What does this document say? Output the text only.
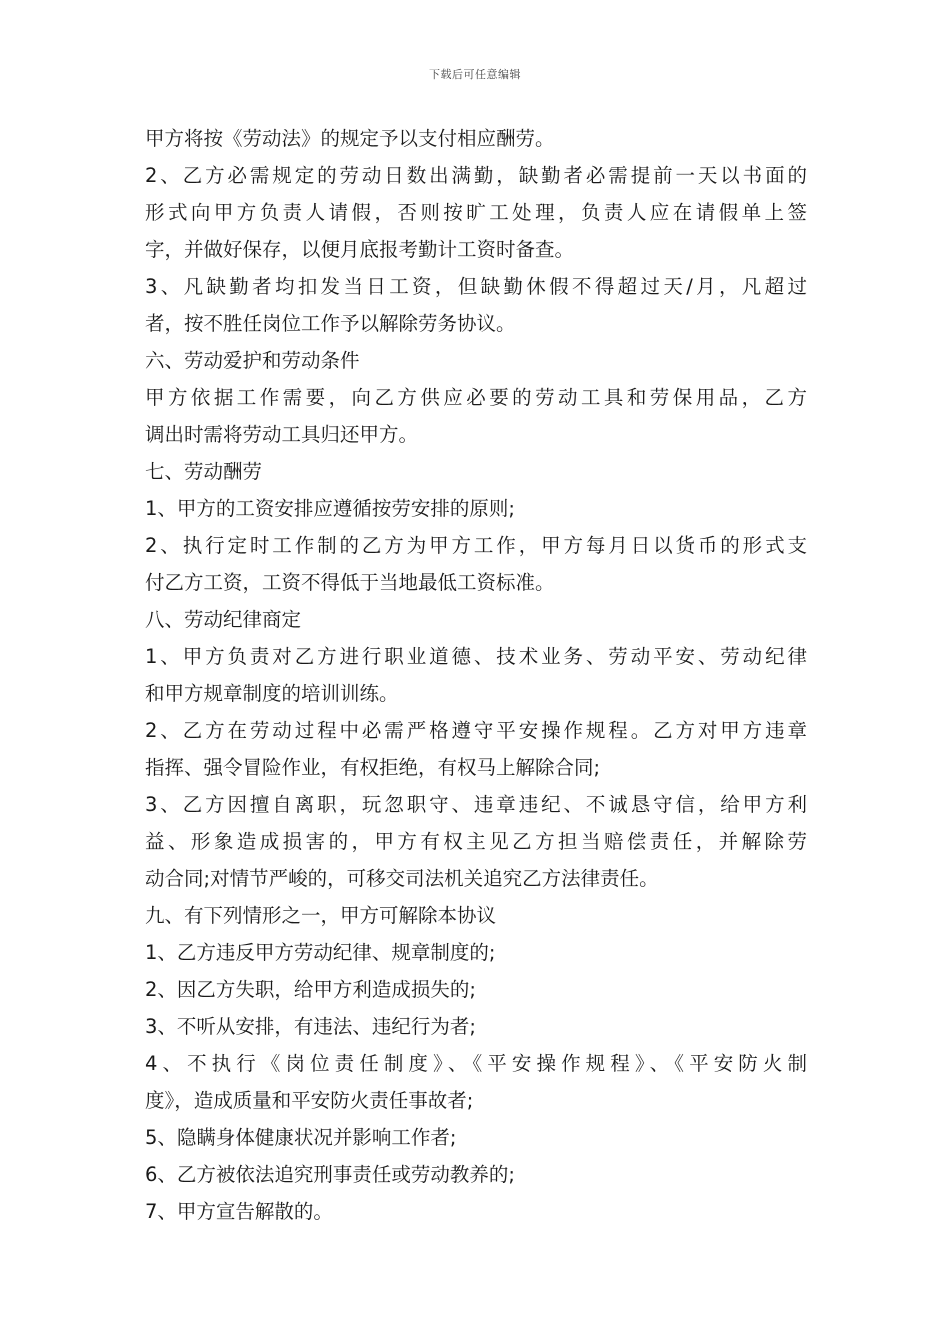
下载后可任意编辑
甲方将按《劳动法》的规定予以支付相应酬劳。
2、乙方必需规定的劳动日数出满勤，缺勤者必需提前一天以书面的
形式向甲方负责人请假，否则按旷工处理，负责人应在请假单上签
字，并做好保存，以便月底报考勤计工资时备查。
3、凡缺勤者均扣发当日工资，但缺勤休假不得超过天/月，凡超过
者，按不胜任岗位工作予以解除劳务协议。
六、劳动爱护和劳动条件
甲方依据工作需要，向乙方供应必要的劳动工具和劳保用品，乙方
调出时需将劳动工具归还甲方。
七、劳动酬劳
1、甲方的工资安排应遵循按劳安排的原则;
2、执行定时工作制的乙方为甲方工作，甲方每月日以货币的形式支
付乙方工资，工资不得低于当地最低工资标准。
八、劳动纪律商定
1、甲方负责对乙方进行职业道德、技术业务、劳动平安、劳动纪律
和甲方规章制度的培训训练。
2、乙方在劳动过程中必需严格遵守平安操作规程。乙方对甲方违章
指挥、强令冒险作业，有权拒绝，有权马上解除合同;
3、乙方因擅自离职，玩忽职守、违章违纪、不诚恳守信，给甲方利
益、形象造成损害的，甲方有权主见乙方担当赔偿责任，并解除劳
动合同;对情节严峻的，可移交司法机关追究乙方法律责任。
九、有下列情形之一，甲方可解除本协议
1、乙方违反甲方劳动纪律、规章制度的;
2、因乙方失职，给甲方利造成损失的;
3、不听从安排，有违法、违纪行为者;
4、不执行《岗位责任制度》、《平安操作规程》、《平安防火制
度》，造成质量和平安防火责任事故者;
5、隐瞒身体健康状况并影响工作者;
6、乙方被依法追究刑事责任或劳动教养的;
7、甲方宣告解散的。
